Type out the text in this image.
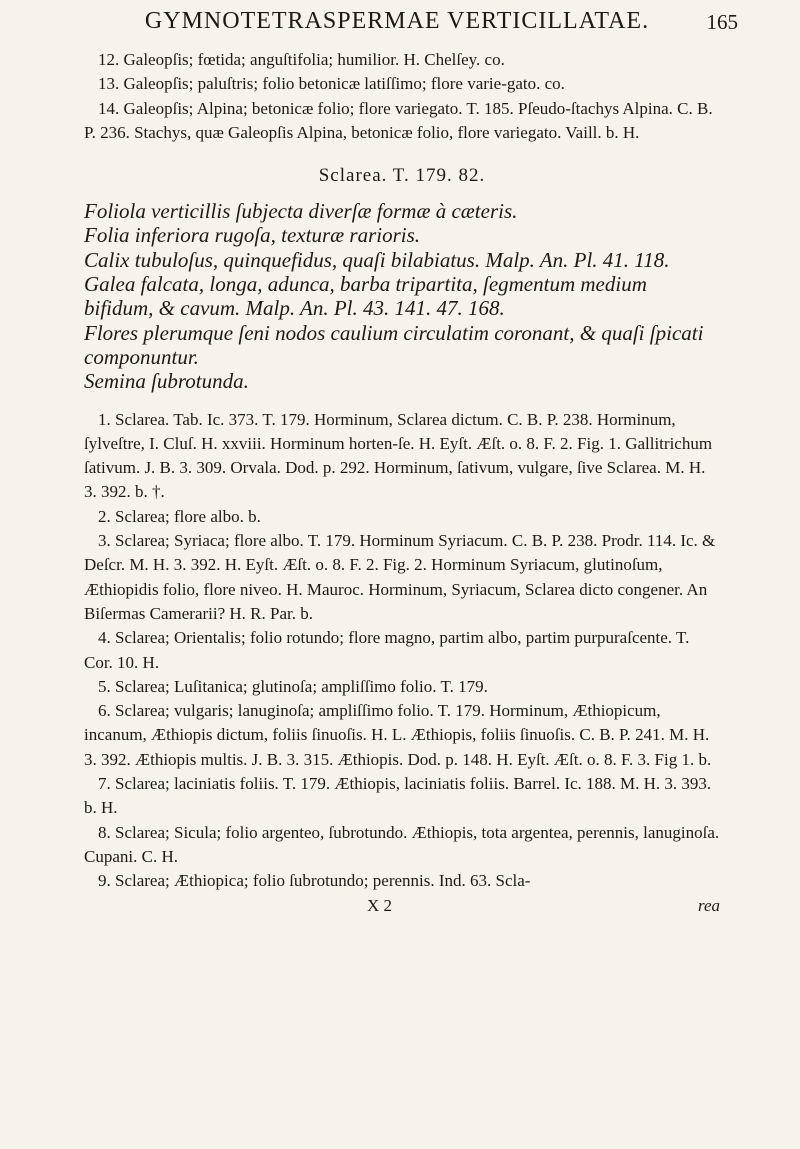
GYMNOTETRASPERMAE VERTICILLATAE.	165

12. Galeopſis; fœtida; anguſtifolia; humilior. H. Chelſey. co.

13. Galeopſis; paluſtris; folio betonicæ latiſſimo; flore varie-gato. co.

14. Galeopſis; Alpina; betonicæ folio; flore variegato. T. 185. Pſeudo-ſtachys Alpina. C. B. P. 236. Stachys, quæ Galeopſis Alpina, betonicæ folio, flore variegato. Vaill. b. H.

Sclarea. T. 179. 82.

Foliola verticillis ſubjecta diverſæ formæ à cæteris.

Folia inferiora rugoſa, texturæ rarioris.

Calix tubuloſus, quinquefidus, quaſi bilabiatus. Malp. An. Pl. 41. 118.

Galea falcata, longa, adunca, barba tripartita, ſegmentum medium bifidum, & cavum. Malp. An. Pl. 43. 141. 47. 168.

Flores plerumque ſeni nodos caulium circulatim coronant, & quaſi ſpicati componuntur.

Semina ſubrotunda.

1. Sclarea. Tab. Ic. 373. T. 179. Horminum, Sclarea dictum. C. B. P. 238. Horminum, ſylveſtre, I. Cluſ. H. xxviii. Horminum horten-ſe. H. Eyſt. Æſt. o. 8. F. 2. Fig. 1. Gallitrichum ſativum. J. B. 3. 309. Orvala. Dod. p. 292. Horminum, ſativum, vulgare, ſive Sclarea. M. H. 3. 392. b. †.

2. Sclarea; flore albo. b.

3. Sclarea; Syriaca; flore albo. T. 179. Horminum Syriacum. C. B. P. 238. Prodr. 114. Ic. & Deſcr. M. H. 3. 392. H. Eyſt. Æſt. o. 8. F. 2. Fig. 2. Horminum Syriacum, glutinoſum, Æthiopidis folio, flore niveo. H. Mauroc. Horminum, Syriacum, Sclarea dicto congener. An Biſermas Camerarii? H. R. Par. b.

4. Sclarea; Orientalis; folio rotundo; flore magno, partim albo, partim purpuraſcente. T. Cor. 10. H.

5. Sclarea; Luſitanica; glutinoſa; ampliſſimo folio. T. 179.

6. Sclarea; vulgaris; lanuginoſa; ampliſſimo folio. T. 179. Horminum, Æthiopicum, incanum, Æthiopis dictum, foliis ſinuoſis. H. L. Æthiopis, foliis ſinuoſis. C. B. P. 241. M. H. 3. 392. Æthiopis multis. J. B. 3. 315. Æthiopis. Dod. p. 148. H. Eyſt. Æſt. o. 8. F. 3. Fig 1. b.

7. Sclarea; laciniatis foliis. T. 179. Æthiopis, laciniatis foliis. Barrel. Ic. 188. M. H. 3. 393. b. H.

8. Sclarea; Sicula; folio argenteo, ſubrotundo. Æthiopis, tota argentea, perennis, lanuginoſa. Cupani. C. H.

9. Sclarea; Æthiopica; folio ſubrotundo; perennis. Ind. 63. Scla-

X 2	rea
